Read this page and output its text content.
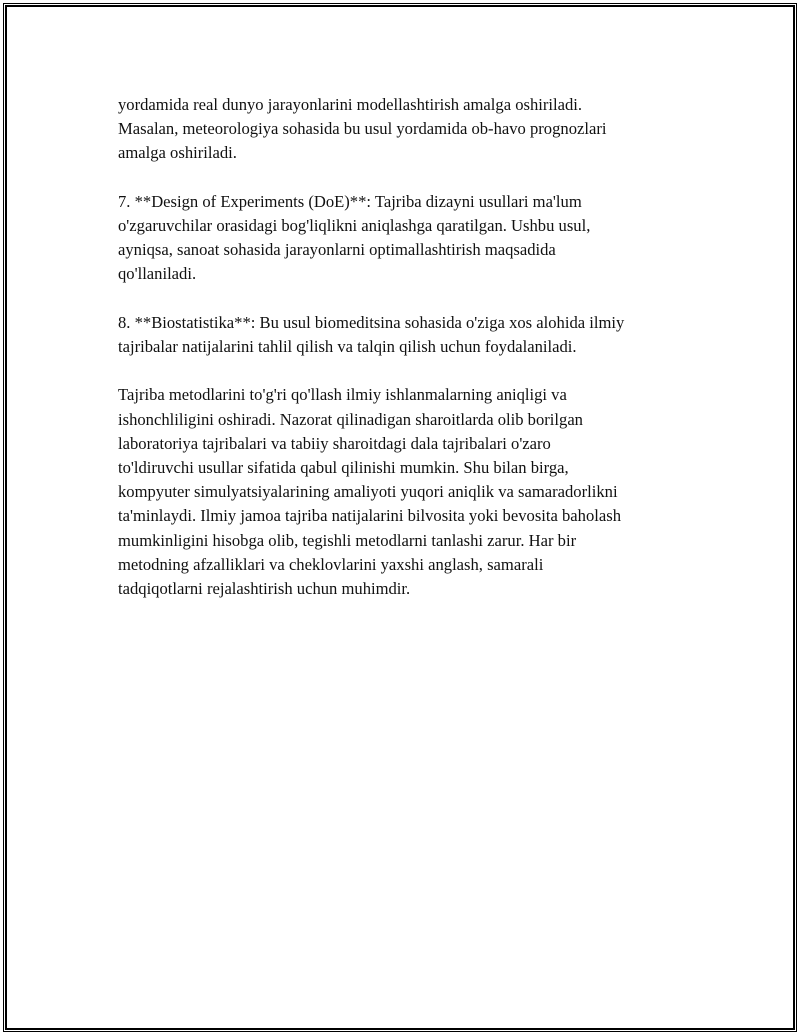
yordamida real dunyo jarayonlarini modellashtirish amalga oshiriladi.
Masalan, meteorologiya sohasida bu usul yordamida ob-havo prognozlari
amalga oshiriladi.

7. **Design of Experiments (DoE)**: Tajriba dizayni usullari ma'lum
o'zgaruvchilar orasidagi bog'liqlikni aniqlashga qaratilgan. Ushbu usul,
ayniqsa, sanoat sohasida jarayonlarni optimallashtirish maqsadida
qo'llaniladi.

8. **Biostatistika**: Bu usul biomeditsina sohasida o'ziga xos alohida ilmiy
tajribalar natijalarini tahlil qilish va talqin qilish uchun foydalaniladi.

Tajriba metodlarini to'g'ri qo'llash ilmiy ishlanmalarning aniqligi va
ishonchliligini oshiradi. Nazorat qilinadigan sharoitlarda olib borilgan
laboratoriya tajribalari va tabiiy sharoitdagi dala tajribalari o'zaro
to'ldiruvchi usullar sifatida qabul qilinishi mumkin. Shu bilan birga,
kompyuter simulyatsiyalarining amaliyoti yuqori aniqlik va samaradorlikni
ta'minlaydi. Ilmiy jamoa tajriba natijalarini bilvosita yoki bevosita baholash
mumkinligini hisobga olib, tegishli metodlarni tanlashi zarur. Har bir
metodning afzalliklari va cheklovlarini yaxshi anglash, samarali
tadqiqotlarni rejalashtirish uchun muhimdir.
